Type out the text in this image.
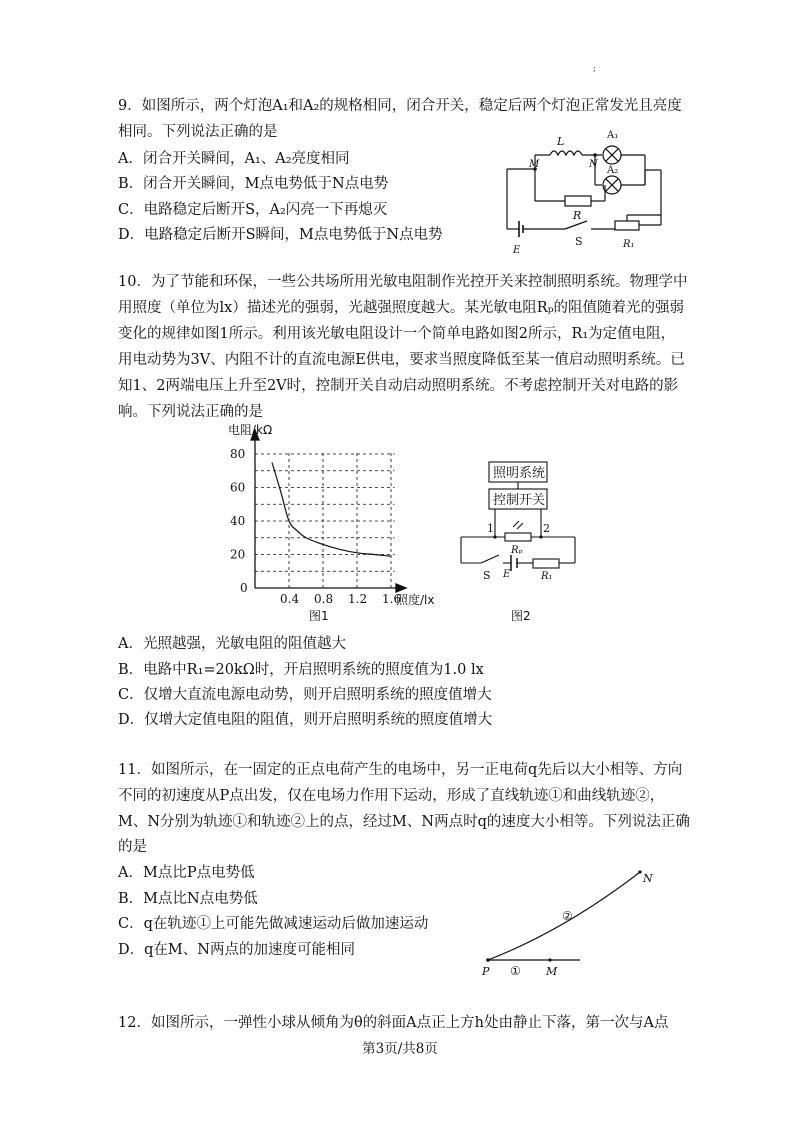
;
9．如图所示，两个灯泡A₁和A₂的规格相同，闭合开关，稳定后两个灯泡正常发光且亮度
相同。下列说法正确的是
A．闭合开关瞬间，A₁、A₂亮度相同
B．闭合开关瞬间，M点电势低于N点电势
C．电路稳定后断开S，A₂闪亮一下再熄灭
D．电路稳定后断开S瞬间，M点电势低于N点电势
L	A₁
A₂
M	N
R
E
S	R₁
10．为了节能和环保，一些公共场所用光敏电阻制作光控开关来控制照明系统。物理学中
用照度（单位为lx）描述光的强弱，光越强照度越大。某光敏电阻Rₚ的阻值随着光的强弱
变化的规律如图1所示。利用该光敏电阻设计一个简单电路如图2所示，R₁为定值电阻，
用电动势为3V、内阻不计的直流电源E供电，要求当照度降低至某一值启动照明系统。已
知1、2两端电压上升至2V时，控制开关自动启动照明系统。不考虑控制开关对电路的影
响。下列说法正确的是
80
60
40
20
0.4 0.8 1.2 1.6
电阻/kΩ
照度/lx
0
图1
照明系统
控制开关
1	2
Rₚ
S E	R₁
图2
A．光照越强，光敏电阻的阻值越大
B．电路中R₁=20kΩ时，开启照明系统的照度值为1.0 lx
C．仅增大直流电源电动势，则开启照明系统的照度值增大
D．仅增大定值电阻的阻值，则开启照明系统的照度值增大
11．如图所示，在一固定的正点电荷产生的电场中，另一正电荷q先后以大小相等、方向
不同的初速度从P点出发，仅在电场力作用下运动，形成了直线轨迹①和曲线轨迹②，
M、N分别为轨迹①和轨迹②上的点，经过M、N两点时q的速度大小相等。下列说法正确
的是
A．M点比P点电势低
B．M点比N点电势低
C．q在轨迹①上可能先做减速运动后做加速运动
D．q在M、N两点的加速度可能相同
P ① M
②
N
12．如图所示，一弹性小球从倾角为θ的斜面A点正上方h处由静止下落，第一次与A点
第3页/共8页
